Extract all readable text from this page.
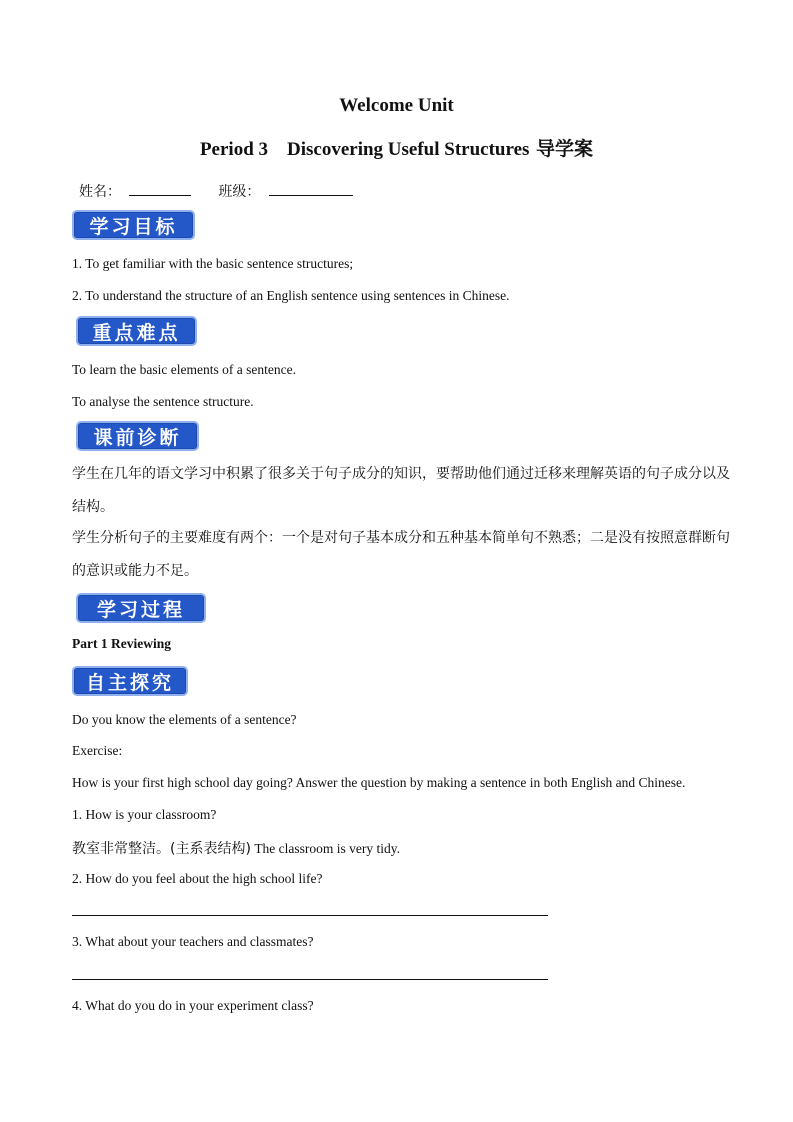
Welcome Unit
Period 3    Discovering Useful Structures 导学案
姓名：	班级：
学习目标
1. To get familiar with the basic sentence structures;
2. To understand the structure of an English sentence using sentences in Chinese.
重点难点
To learn the basic elements of a sentence.
To analyse the sentence structure.
课前诊断
学生在几年的语文学习中积累了很多关于句子成分的知识，要帮助他们通过迁移来理解英语的句子成分以及结构。
学生分析句子的主要难度有两个：一个是对句子基本成分和五种基本简单句不熟悉；二是没有按照意群断句的意识或能力不足。
学习过程
Part 1 Reviewing
自主探究
Do you know the elements of a sentence?
Exercise:
How is your first high school day going? Answer the question by making a sentence in both English and Chinese.
1. How is your classroom?
教室非常整洁。(主系表结构) The classroom is very tidy.
2. How do you feel about the high school life?
3. What about your teachers and classmates?
4. What do you do in your experiment class?
